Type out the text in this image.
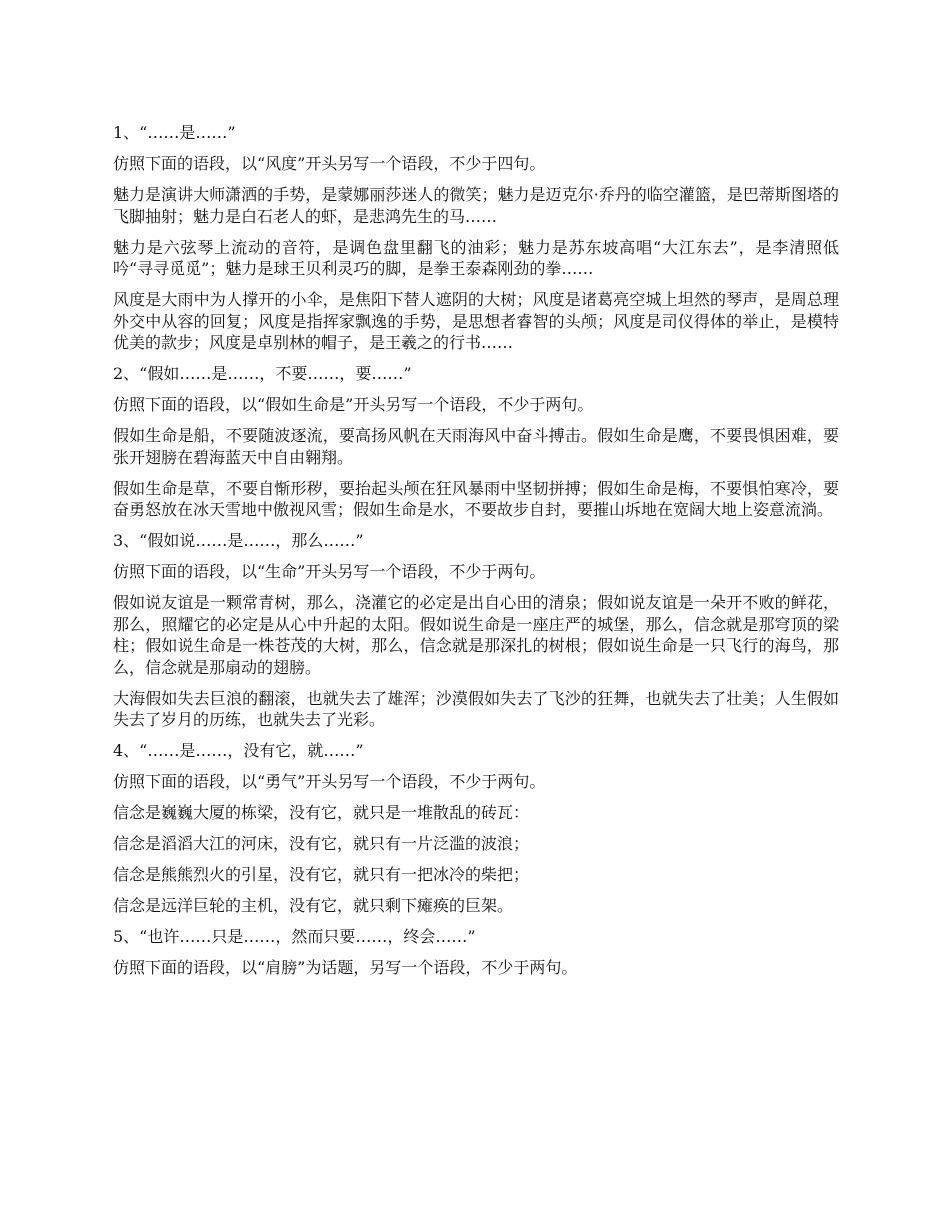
1、“……是……”

仿照下面的语段，以“风度”开头另写一个语段，不少于四句。

魅力是演讲大师潇洒的手势，是蒙娜丽莎迷人的微笑；魅力是迈克尔·乔丹的临空灌篮，是巴蒂斯图塔的飞脚抽射；魅力是白石老人的虾，是悲鸿先生的马……

魅力是六弦琴上流动的音符，是调色盘里翻飞的油彩；魅力是苏东坡高唱“大江东去”，是李清照低吟“寻寻觅觅”；魅力是球王贝利灵巧的脚，是拳王泰森刚劲的拳……

风度是大雨中为人撑开的小伞，是焦阳下替人遮阴的大树；风度是诸葛亮空城上坦然的琴声，是周总理外交中从容的回复；风度是指挥家飘逸的手势，是思想者睿智的头颅；风度是司仪得体的举止，是模特优美的款步；风度是卓别林的帽子，是王羲之的行书……

2、“假如……是……，不要……，要……”

仿照下面的语段，以“假如生命是”开头另写一个语段，不少于两句。

假如生命是船，不要随波逐流，要高扬风帆在天雨海风中奋斗搏击。假如生命是鹰，不要畏惧困难，要张开翅膀在碧海蓝天中自由翱翔。

假如生命是草，不要自惭形秽，要抬起头颅在狂风暴雨中坚韧拼搏；假如生命是梅，不要惧怕寒冷，要奋勇怒放在冰天雪地中傲视风雪；假如生命是水，不要故步自封，要摧山坼地在宽阔大地上姿意流淌。

3、“假如说……是……，那么……”

仿照下面的语段，以“生命”开头另写一个语段，不少于两句。

假如说友谊是一颗常青树，那么，浇灌它的必定是出自心田的清泉；假如说友谊是一朵开不败的鲜花，那么，照耀它的必定是从心中升起的太阳。假如说生命是一座庄严的城堡，那么，信念就是那穹顶的梁柱；假如说生命是一株苍茂的大树，那么，信念就是那深扎的树根；假如说生命是一只飞行的海鸟，那么，信念就是那扇动的翅膀。

大海假如失去巨浪的翻滚，也就失去了雄浑；沙漠假如失去了飞沙的狂舞，也就失去了壮美；人生假如失去了岁月的历练，也就失去了光彩。

4、“……是……，没有它，就……”

仿照下面的语段，以“勇气”开头另写一个语段，不少于两句。

信念是巍巍大厦的栋梁，没有它，就只是一堆散乱的砖瓦：

信念是滔滔大江的河床，没有它，就只有一片泛滥的波浪；

信念是熊熊烈火的引星，没有它，就只有一把冰冷的柴把；

信念是远洋巨轮的主机，没有它，就只剩下瘫痪的巨架。

5、“也许……只是……，然而只要……，终会……”

仿照下面的语段，以“肩膀”为话题，另写一个语段，不少于两句。
